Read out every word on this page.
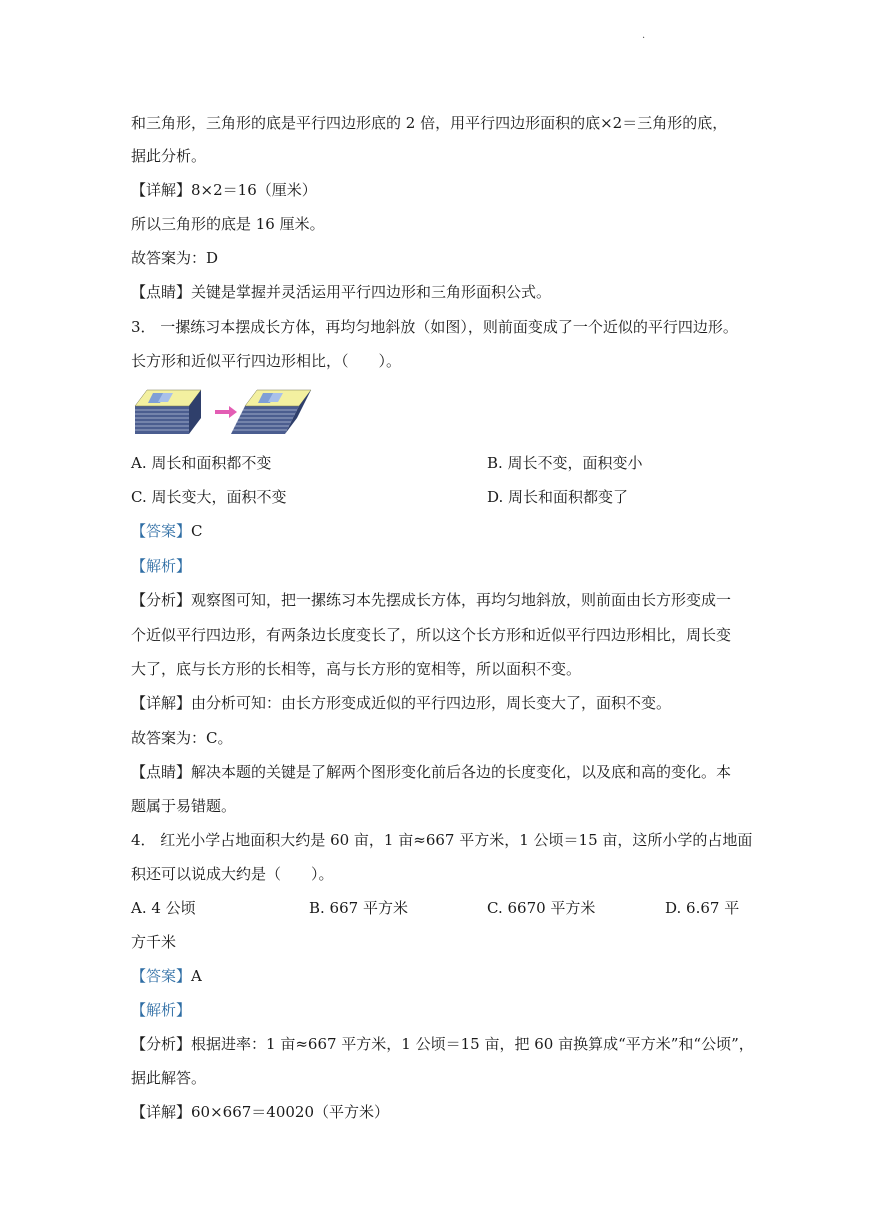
·
和三角形，三角形的底是平行四边形底的 2 倍，用平行四边形面积的底×2＝三角形的底，
据此分析。
【详解】8×2＝16（厘米）
所以三角形的底是 16 厘米。
故答案为：D
【点睛】关键是掌握并灵活运用平行四边形和三角形面积公式。
3． 一摞练习本摆成长方体，再均匀地斜放（如图），则前面变成了一个近似的平行四边形。
长方形和近似平行四边形相比，（　　）。
A. 周长和面积都不变	B. 周长不变，面积变小
C. 周长变大，面积不变	D. 周长和面积都变了
【答案】C
【解析】
【分析】观察图可知，把一摞练习本先摆成长方体，再均匀地斜放，则前面由长方形变成一
个近似平行四边形，有两条边长度变长了，所以这个长方形和近似平行四边形相比，周长变
大了，底与长方形的长相等，高与长方形的宽相等，所以面积不变。
【详解】由分析可知：由长方形变成近似的平行四边形，周长变大了，面积不变。
故答案为：C。
【点睛】解决本题的关键是了解两个图形变化前后各边的长度变化，以及底和高的变化。本
题属于易错题。
4． 红光小学占地面积大约是 60 亩，1 亩≈667 平方米，1 公顷＝15 亩，这所小学的占地面
积还可以说成大约是（　　）。
A. 4 公顷	B. 667 平方米	C. 6670 平方米	D. 6.67 平
方千米
【答案】A
【解析】
【分析】根据进率：1 亩≈667 平方米，1 公顷＝15 亩，把 60 亩换算成“平方米”和“公顷”，
据此解答。
【详解】60×667＝40020（平方米）
